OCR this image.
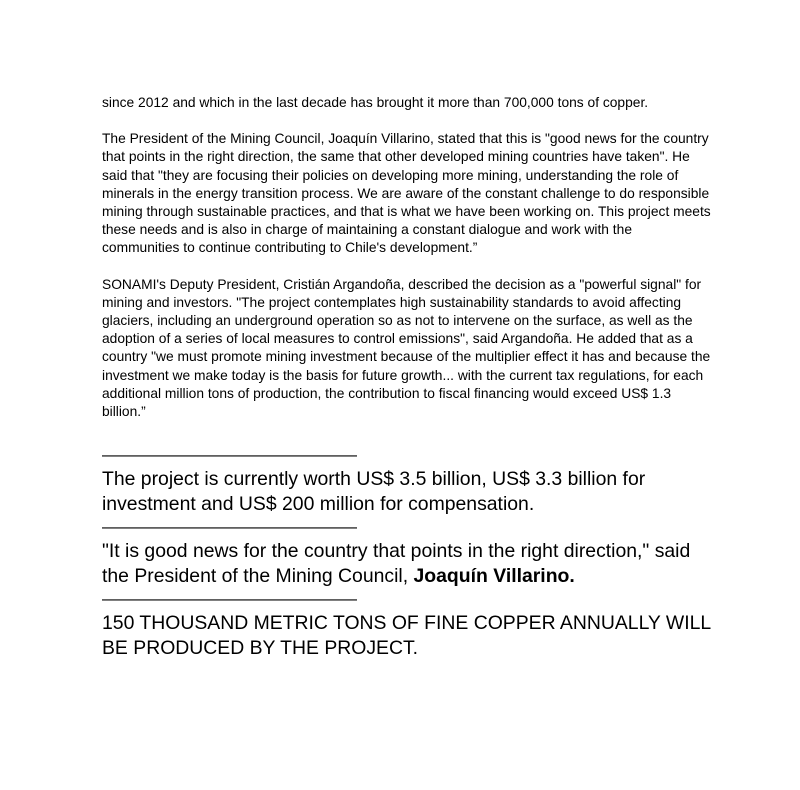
since 2012 and which in the last decade has brought it more than 700,000 tons of copper.

The President of the Mining Council, Joaquín Villarino, stated that this is "good news for the country that points in the right direction, the same that other developed mining countries have taken". He said that "they are focusing their policies on developing more mining, understanding the role of minerals in the energy transition process. We are aware of the constant challenge to do responsible mining through sustainable practices, and that is what we have been working on. This project meets these needs and is also in charge of maintaining a constant dialogue and work with the communities to continue contributing to Chile's development.”

SONAMI's Deputy President, Cristián Argandoña, described the decision as a "powerful signal" for mining and investors. "The project contemplates high sustainability standards to avoid affecting glaciers, including an underground operation so as not to intervene on the surface, as well as the adoption of a series of local measures to control emissions", said Argandoña. He added that as a country "we must promote mining investment because of the multiplier effect it has and because the investment we make today is the basis for future growth... with the current tax regulations, for each additional million tons of production, the contribution to fiscal financing would exceed US$ 1.3 billion.”

———————————————

The project is currently worth US$ 3.5 billion, US$ 3.3 billion for investment and US$ 200 million for compensation.

———————————————

"It is good news for the country that points in the right direction," said the President of the Mining Council, Joaquín Villarino.

———————————————

150 THOUSAND METRIC TONS OF FINE COPPER ANNUALLY WILL BE PRODUCED BY THE PROJECT.
